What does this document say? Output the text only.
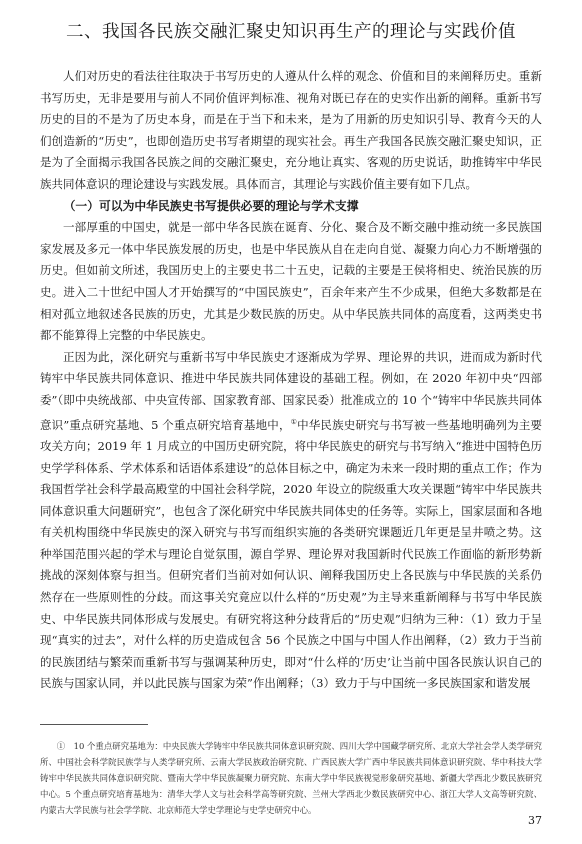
二、我国各民族交融汇聚史知识再生产的理论与实践价值

人们对历史的看法往往取决于书写历史的人遵从什么样的观念、价值和目的来阐释历史。重新书写历史，无非是要用与前人不同价值评判标准、视角对既已存在的史实作出新的阐释。重新书写历史的目的不是为了历史本身，而是在于当下和未来，是为了用新的历史知识引导、教育今天的人们创造新的“历史”，也即创造历史书写者期望的现实社会。再生产我国各民族交融汇聚史知识，正是为了全面揭示我国各民族之间的交融汇聚史，充分地让真实、客观的历史说话，助推铸牢中华民族共同体意识的理论建设与实践发展。具体而言，其理论与实践价值主要有如下几点。

（一）可以为中华民族史书写提供必要的理论与学术支撑

一部厚重的中国史，就是一部中华各民族在诞育、分化、聚合及不断交融中推动统一多民族国家发展及多元一体中华民族发展的历史，也是中华民族从自在走向自觉、凝聚力向心力不断增强的历史。但如前文所述，我国历史上的主要史书二十五史，记载的主要是王侯将相史、统治民族的历史。进入二十世纪中国人才开始撰写的“中国民族史”，百余年来产生不少成果，但绝大多数都是在相对孤立地叙述各民族的历史，尤其是少数民族的历史。从中华民族共同体的高度看，这两类史书都不能算得上完整的中华民族史。

正因为此，深化研究与重新书写中华民族史才逐渐成为学界、理论界的共识，进而成为新时代铸牢中华民族共同体意识、推进中华民族共同体建设的基础工程。例如，在 2020 年初中央“四部委”（即中央统战部、中央宣传部、国家教育部、国家民委）批准成立的 10 个“铸牢中华民族共同体意识”重点研究基地、5 个重点研究培育基地中，①中华民族史研究与书写被一些基地明确列为主要攻关方向；2019 年 1 月成立的中国历史研究院，将中华民族史的研究与书写纳入“推进中国特色历史学学科体系、学术体系和话语体系建设”的总体目标之中，确定为未来一段时期的重点工作；作为我国哲学社会科学最高殿堂的中国社会科学院，2020 年设立的院级重大攻关课题“铸牢中华民族共同体意识重大问题研究”，也包含了深化研究中华民族共同体史的任务等。实际上，国家层面和各地有关机构围绕中华民族史的深入研究与书写而组织实施的各类研究课题近几年更是呈井喷之势。这种举国范围兴起的学术与理论自觉氛围，源自学界、理论界对我国新时代民族工作面临的新形势新挑战的深刻体察与担当。但研究者们当前对如何认识、阐释我国历史上各民族与中华民族的关系仍然存在一些原则性的分歧。而这事关究竟应以什么样的“历史观”为主导来重新阐释与书写中华民族史、中华民族共同体形成与发展史。有研究将这种分歧背后的“历史观”归纳为三种：（1）致力于呈现“真实的过去”，对什么样的历史造成包含 56 个民族之中国与中国人作出阐释，（2）致力于当前的民族团结与繁荣而重新书写与强调某种历史，即对“什么样的‘历史’让当前中国各民族认识自己的民族与国家认同，并以此民族与国家为荣”作出阐释；（3）致力于与中国统一多民族国家和谐发展

①  10 个重点研究基地为：中央民族大学铸牢中华民族共同体意识研究院、四川大学中国藏学研究所、北京大学社会学人类学研究所、中国社会科学院民族学与人类学研究所、云南大学民族政治研究院、广西民族大学广西中华民族共同体意识研究院、华中科技大学铸牢中华民族共同体意识研究院、暨南大学中华民族凝聚力研究院、东南大学中华民族视觉形象研究基地、新疆大学西北少数民族研究中心。5 个重点研究培育基地为：清华大学人文与社会科学高等研究院、兰州大学西北少数民族研究中心、浙江大学人文高等研究院、内蒙古大学民族与社会学学院、北京师范大学史学理论与史学史研究中心。

37
